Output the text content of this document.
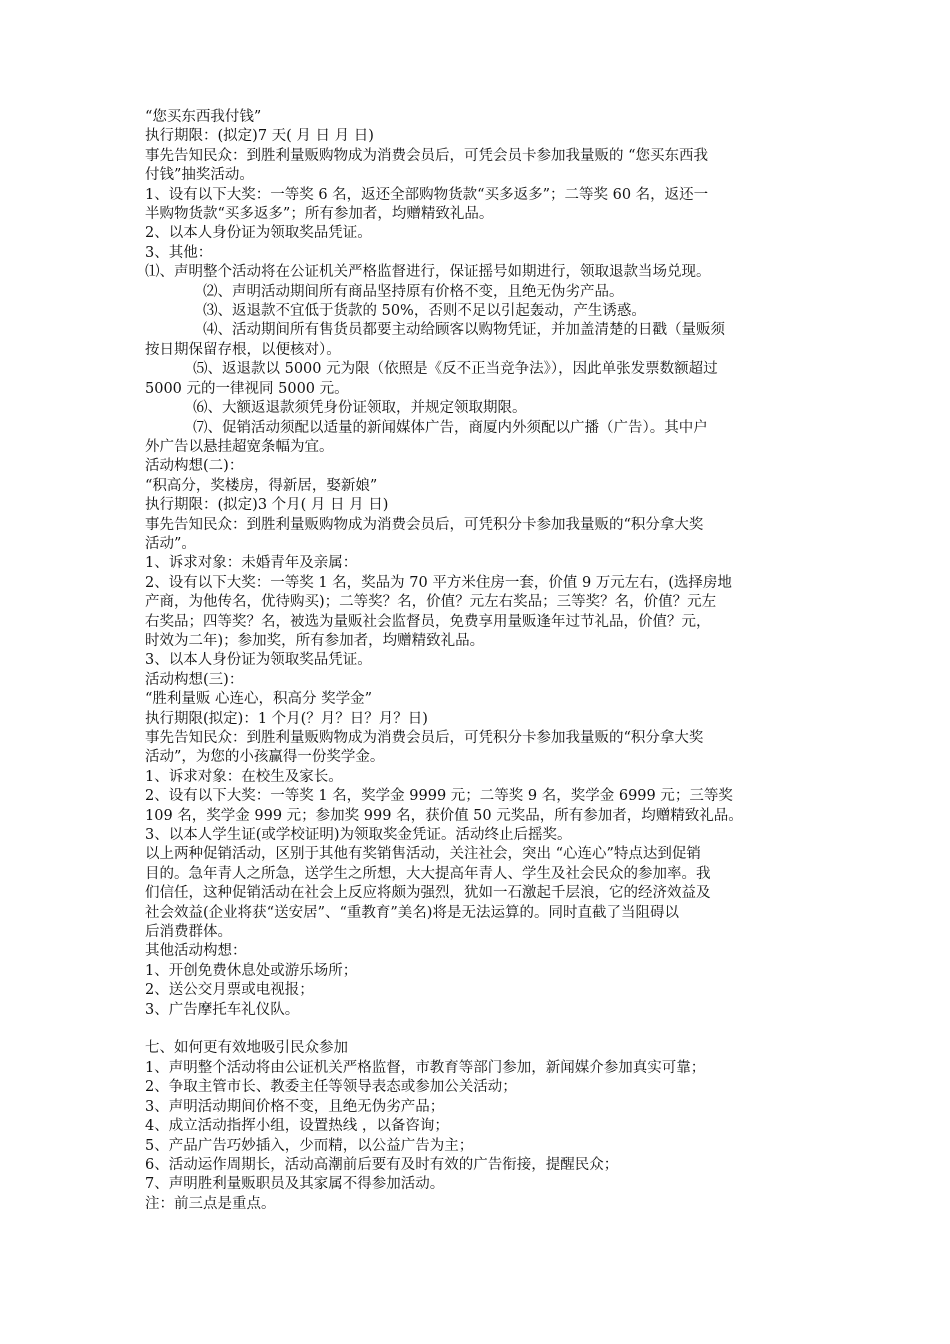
“您买东西我付钱”
执行期限：(拟定)7 天( 月 日 月 日)
事先告知民众：到胜利量贩购物成为消费会员后，可凭会员卡参加我量贩的 “您买东西我
付钱”抽奖活动。
1、设有以下大奖：一等奖 6 名，返还全部购物货款“买多返多”；二等奖 60 名，返还一
半购物货款“买多返多”；所有参加者，均赠精致礼品。
2、以本人身份证为领取奖品凭证。
3、其他：
⑴、声明整个活动将在公证机关严格监督进行，保证摇号如期进行，领取退款当场兑现。
⑵、声明活动期间所有商品坚持原有价格不变，且绝无伪劣产品。
⑶、返退款不宜低于货款的 50%，否则不足以引起轰动，产生诱惑。
⑷、活动期间所有售货员都要主动给顾客以购物凭证，并加盖清楚的日戳（量贩须
按日期保留存根，以便核对）。
⑸、返退款以 5000 元为限（依照是《反不正当竞争法》），因此单张发票数额超过
5000 元的一律视同 5000 元。
⑹、大额返退款须凭身份证领取，并规定领取期限。
⑺、促销活动须配以适量的新闻媒体广告，商厦内外须配以广播（广告）。其中户
外广告以悬挂超宽条幅为宜。
活动构想(二)：
“积高分，奖楼房，得新居，娶新娘”
执行期限：(拟定)3 个月( 月 日 月 日)
事先告知民众：到胜利量贩购物成为消费会员后，可凭积分卡参加我量贩的“积分拿大奖
活动”。
1、诉求对象：未婚青年及亲属：
2、设有以下大奖：一等奖 1 名，奖品为 70 平方米住房一套，价值 9 万元左右，(选择房地
产商，为他传名，优待购买)；二等奖？名，价值？元左右奖品；三等奖？名，价值？元左
右奖品；四等奖？名，被选为量贩社会监督员，免费享用量贩逢年过节礼品，价值？元，
时效为二年)；参加奖，所有参加者，均赠精致礼品。
3、以本人身份证为领取奖品凭证。
活动构想(三)：
“胜利量贩 心连心，积高分 奖学金”
执行期限(拟定)：1 个月(？月？日？月？日)
事先告知民众：到胜利量贩购物成为消费会员后，可凭积分卡参加我量贩的“积分拿大奖
活动”，为您的小孩赢得一份奖学金。
1、诉求对象：在校生及家长。
2、设有以下大奖：一等奖 1 名，奖学金 9999 元；二等奖 9 名，奖学金 6999 元；三等奖
109 名，奖学金 999 元；参加奖 999 名，获价值 50 元奖品，所有参加者，均赠精致礼品。
3、以本人学生证(或学校证明)为领取奖金凭证。活动终止后摇奖。
以上两种促销活动，区别于其他有奖销售活动，关注社会，突出 “心连心”特点达到促销
目的。急年青人之所急，送学生之所想，大大提高年青人、学生及社会民众的参加率。我
们信任，这种促销活动在社会上反应将颇为强烈，犹如一石激起千层浪，它的经济效益及
社会效益(企业将获“送安居”、“重教育”美名)将是无法运算的。同时直截了当阻碍以
后消费群体。
其他活动构想：
1、开创免费休息处或游乐场所；
2、送公交月票或电视报；
3、广告摩托车礼仪队。
七、如何更有效地吸引民众参加
1、声明整个活动将由公证机关严格监督，市教育等部门参加，新闻媒介参加真实可靠；
2、争取主管市长、教委主任等领导表态或参加公关活动；
3、声明活动期间价格不变，且绝无伪劣产品；
4、成立活动指挥小组，设置热线 ，以备咨询；
5、产品广告巧妙插入，少而精，以公益广告为主；
6、活动运作周期长，活动高潮前后要有及时有效的广告衔接，提醒民众；
7、声明胜利量贩职员及其家属不得参加活动。
注：前三点是重点。
